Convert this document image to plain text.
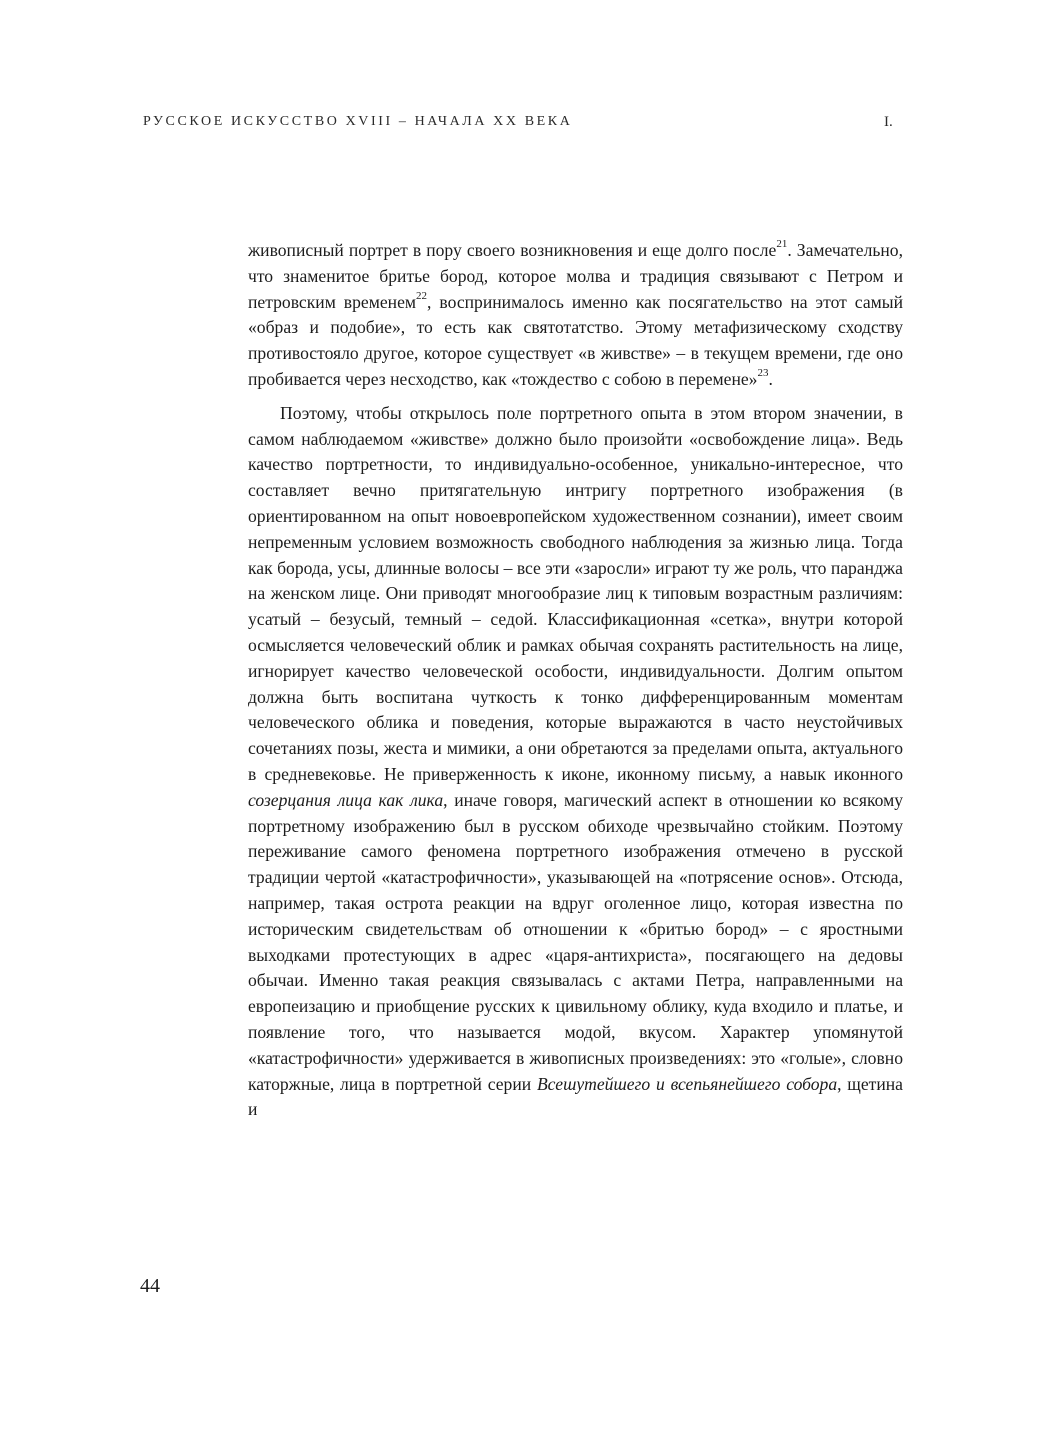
РУССКОЕ ИСКУССТВО XVIII – НАЧАЛА XX ВЕКА	I.

живописный портрет в пору своего возникновения и еще долго после$^{21}$. Замечательно, что знаменитое бритье бород, которое молва и традиция связывают с Петром и петровским временем$^{22}$, воспринималось именно как посягательство на этот самый «образ и подобие», то есть как святотатство. Этому метафизическому сходству противостояло другое, которое существует «в живстве» – в текущем времени, где оно пробивается через несходство, как «тождество с собою в перемене»$^{23}$.

Поэтому, чтобы открылось поле портретного опыта в этом втором значении, в самом наблюдаемом «живстве» должно было произойти «освобождение лица». Ведь качество портретности, то индивидуально-особенное, уникально-интересное, что составляет вечно притягательную интригу портретного изображения (в ориентированном на опыт новоевропейском художественном сознании), имеет своим непременным условием возможность свободного наблюдения за жизнью лица. Тогда как борода, усы, длинные волосы – все эти «заросли» играют ту же роль, что паранджа на женском лице. Они приводят многообразие лиц к типовым возрастным различиям: усатый – безусый, темный – седой. Классификационная «сетка», внутри которой осмысляется человеческий облик и рамках обычая сохранять растительность на лице, игнорирует качество человеческой особости, индивидуальности. Долгим опытом должна быть воспитана чуткость к тонко дифференцированным моментам человеческого облика и поведения, которые выражаются в часто неустойчивых сочетаниях позы, жеста и мимики, а они обретаются за пределами опыта, актуального в средневековье. Не приверженность к иконе, иконному письму, а навык иконного созерцания лица как лика, иначе говоря, магический аспект в отношении ко всякому портретному изображению был в русском обиходе чрезвычайно стойким. Поэтому переживание самого феномена портретного изображения отмечено в русской традиции чертой «катастрофичности», указывающей на «потрясение основ». Отсюда, например, такая острота реакции на вдруг оголенное лицо, которая известна по историческим свидетельствам об отношении к «бритью бород» – с яростными выходками протестующих в адрес «царя-антихриста», посягающего на дедовы обычаи. Именно такая реакция связывалась с актами Петра, направленными на европеизацию и приобщение русских к цивильному облику, куда входило и платье, и появление того, что называется модой, вкусом. Характер упомянутой «катастрофичности» удерживается в живописных произведениях: это «голые», словно каторжные, лица в портретной серии Всешутейшего и всепьянейшего собора, щетина и

44
